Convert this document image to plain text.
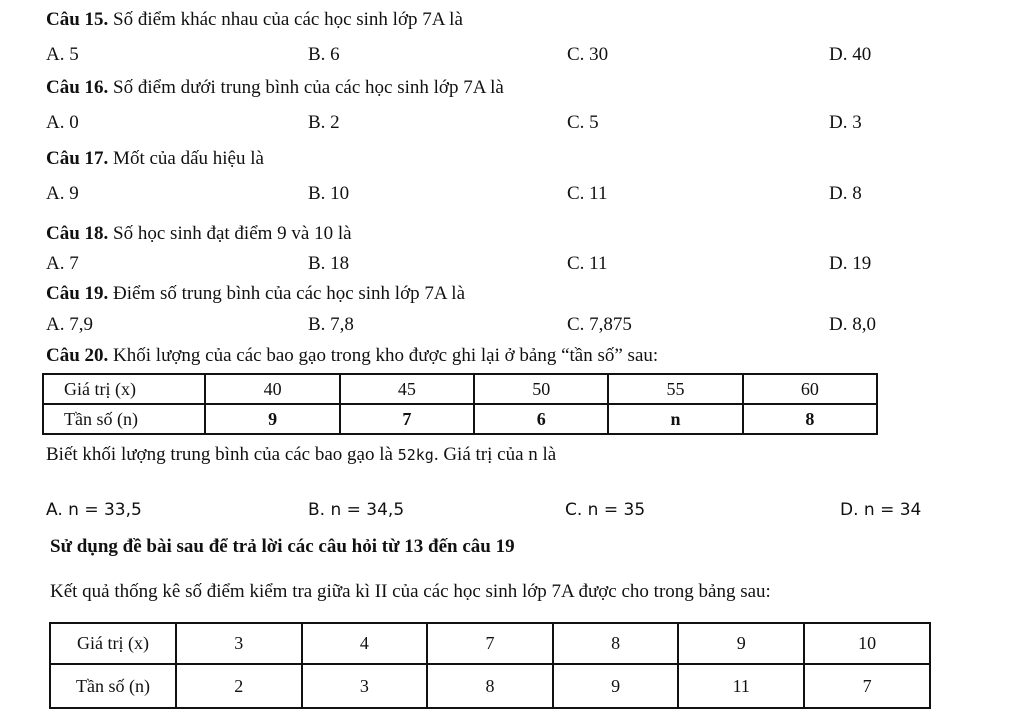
Câu 15. Số điểm khác nhau của các học sinh lớp 7A là
A. 5	B. 6	C. 30	D. 40
Câu 16. Số điểm dưới trung bình của các học sinh lớp 7A là
A. 0	B. 2	C. 5	D. 3
Câu 17. Mốt của dấu hiệu là
A. 9	B. 10	C. 11	D. 8
Câu 18. Số học sinh đạt điểm 9 và 10 là
A. 7	B. 18	C. 11	D. 19
Câu 19. Điểm số trung bình của các học sinh lớp 7A là
A. 7,9	B. 7,8	C. 7,875	D. 8,0
Câu 20. Khối lượng của các bao gạo trong kho được ghi lại ở bảng “tần số” sau:
Giá trị (x)	40	45	50	55	60
Tần số (n)	9	7	6	n	8
Biết khối lượng trung bình của các bao gạo là 52kg. Giá trị của n là
A. n = 33,5	B. n = 34,5	C. n = 35	D. n = 34
Sử dụng đề bài sau để trả lời các câu hỏi từ 13 đến câu 19
Kết quả thống kê số điểm kiểm tra giữa kì II của các học sinh lớp 7A được cho trong bảng sau:
Giá trị (x)	3	4	7	8	9	10
Tần số (n)	2	3	8	9	11	7
